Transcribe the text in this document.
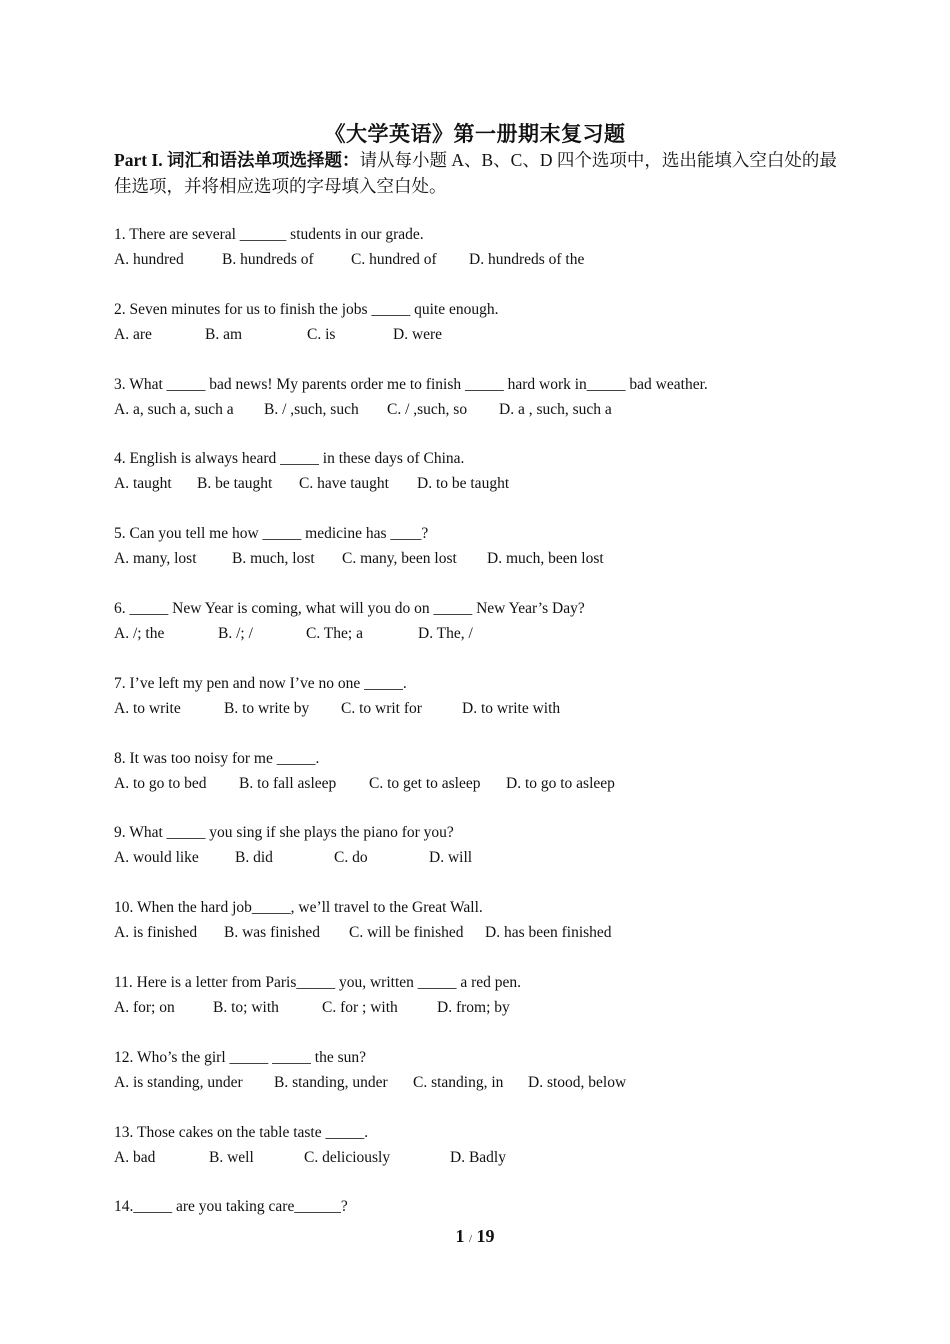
《大学英语》第一册期末复习题
Part I. 词汇和语法单项选择题：请从每小题 A、B、C、D 四个选项中，选出能填入空白处的最佳选项，并将相应选项的字母填入空白处。
1. There are several ______ students in our grade.
A. hundred B. hundreds of C. hundred of D. hundreds of the
2. Seven minutes for us to finish the jobs _____ quite enough.
A. are	B. am	C. is	D. were
3. What _____ bad news! My parents order me to finish _____ hard work in_____ bad weather.
A. a, such a, such a B. / ,such, such C. / ,such, so D. a , such, such a
4. English is always heard _____ in these days of China.
A. taught B. be taught C. have taught D. to be taught
5. Can you tell me how _____ medicine has ____?
A. many, lost B. much, lost C. many, been lost D. much, been lost
6. _____ New Year is coming, what will you do on _____ New Year’s Day?
A. /; the	B. /; /	C. The; a	D. The, /
7. I’ve left my pen and now I’ve no one _____.
A. to write	B. to write by C. to writ for	D. to write with
8. It was too noisy for me _____.
A. to go to bed B. to fall asleep C. to get to asleep D. to go to asleep
9. What _____ you sing if she plays the piano for you?
A. would like B. did	C. do	D. will
10. When the hard job_____, we’ll travel to the Great Wall.
A. is finished B. was finished C. will be finished D. has been finished
11. Here is a letter from Paris_____ you, written _____ a red pen.
A. for; on B. to; with	C. for ; with	D. from; by
12. Who’s the girl _____ _____ the sun?
A. is standing, under B. standing, under C. standing, in D. stood, below
13. Those cakes on the table taste _____.
A. bad	B. well	C. deliciously	D. Badly
14._____ are you taking care______?
1 / 19
